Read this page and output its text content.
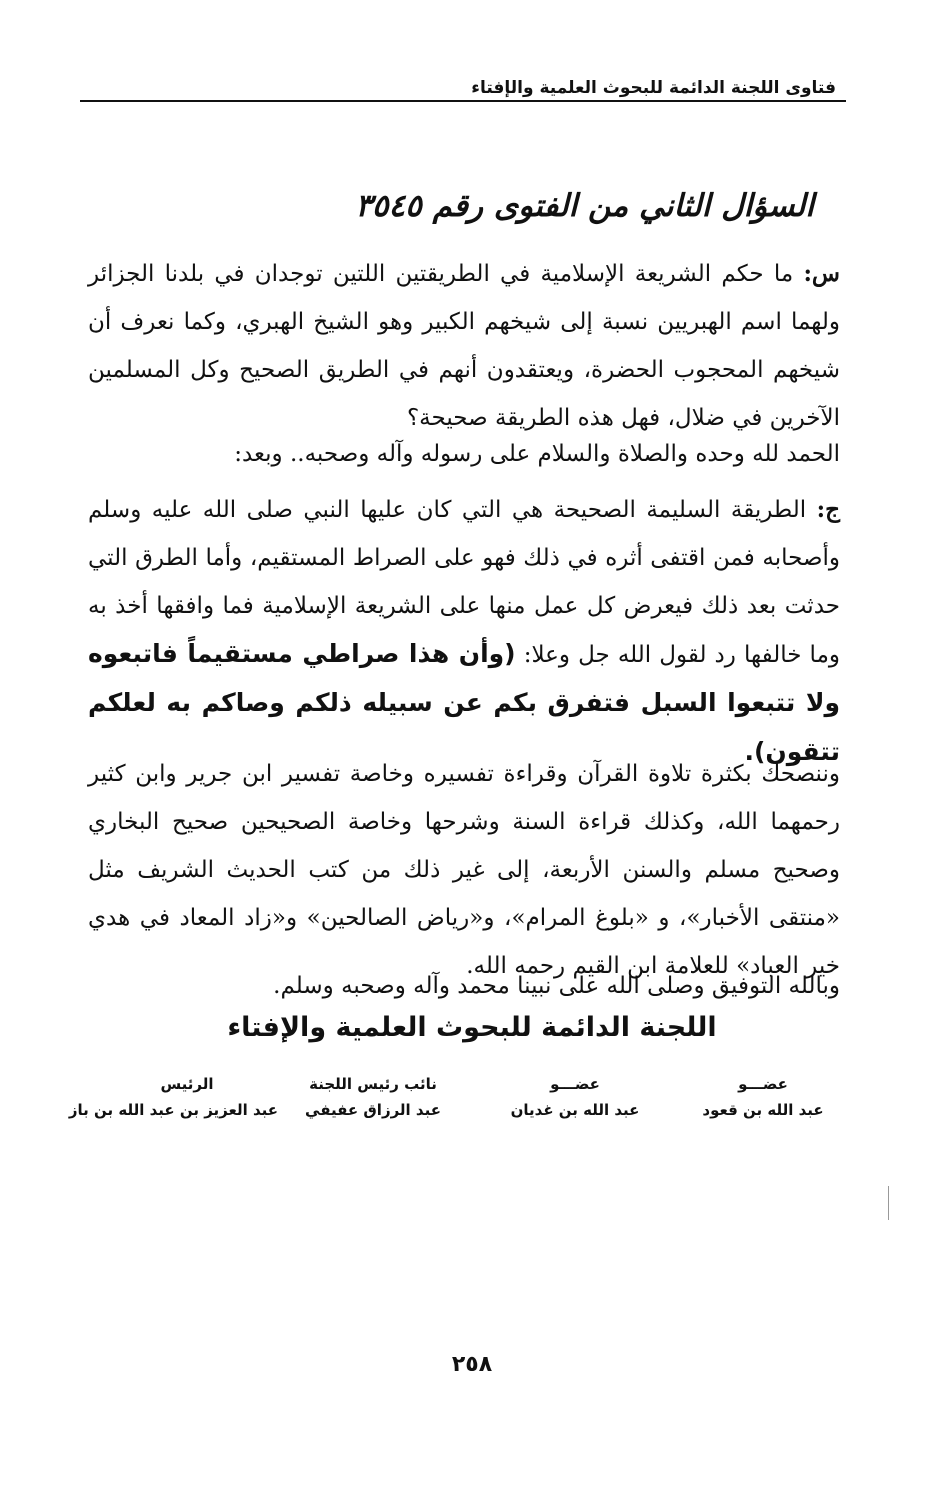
فتاوى اللجنة الدائمة للبحوث العلمية والإفتاء
السؤال الثاني من الفتوى رقم ٣٥٤٥
س: ما حكم الشريعة الإسلامية في الطريقتين اللتين توجدان في بلدنا الجزائر ولهما اسم الهبريين نسبة إلى شيخهم الكبير وهو الشيخ الهبري، وكما نعرف أن شيخهم المحجوب الحضرة، ويعتقدون أنهم في الطريق الصحيح وكل المسلمين الآخرين في ضلال، فهل هذه الطريقة صحيحة؟
الحمد لله وحده والصلاة والسلام على رسوله وآله وصحبه.. وبعد:
ج: الطريقة السليمة الصحيحة هي التي كان عليها النبي صلى الله عليه وسلم وأصحابه فمن اقتفى أثره في ذلك فهو على الصراط المستقيم، وأما الطرق التي حدثت بعد ذلك فيعرض كل عمل منها على الشريعة الإسلامية فما وافقها أخذ به وما خالفها رد لقول الله جل وعلا: (وأن هذا صراطي مستقيماً فاتبعوه ولا تتبعوا السبل فتفرق بكم عن سبيله ذلكم وصاكم به لعلكم تتقون).
وننصحك بكثرة تلاوة القرآن وقراءة تفسيره وخاصة تفسير ابن جرير وابن كثير رحمهما الله، وكذلك قراءة السنة وشرحها وخاصة الصحيحين صحيح البخاري وصحيح مسلم والسنن الأربعة، إلى غير ذلك من كتب الحديث الشريف مثل «منتقى الأخبار»، و «بلوغ المرام»، و«رياض الصالحين» و«زاد المعاد في هدي خير العباد» للعلامة ابن القيم رحمه الله.
وبالله التوفيق وصلى الله على نبينا محمد وآله وصحبه وسلم.
اللجنة الدائمة للبحوث العلمية والإفتاء
عضـــو
عبد الله بن قعود
عضـــو
عبد الله بن غديان
نائب رئيس اللجنة
عبد الرزاق عفيفي
الرئيس
عبد العزيز بن عبد الله بن باز
٢٥٨
